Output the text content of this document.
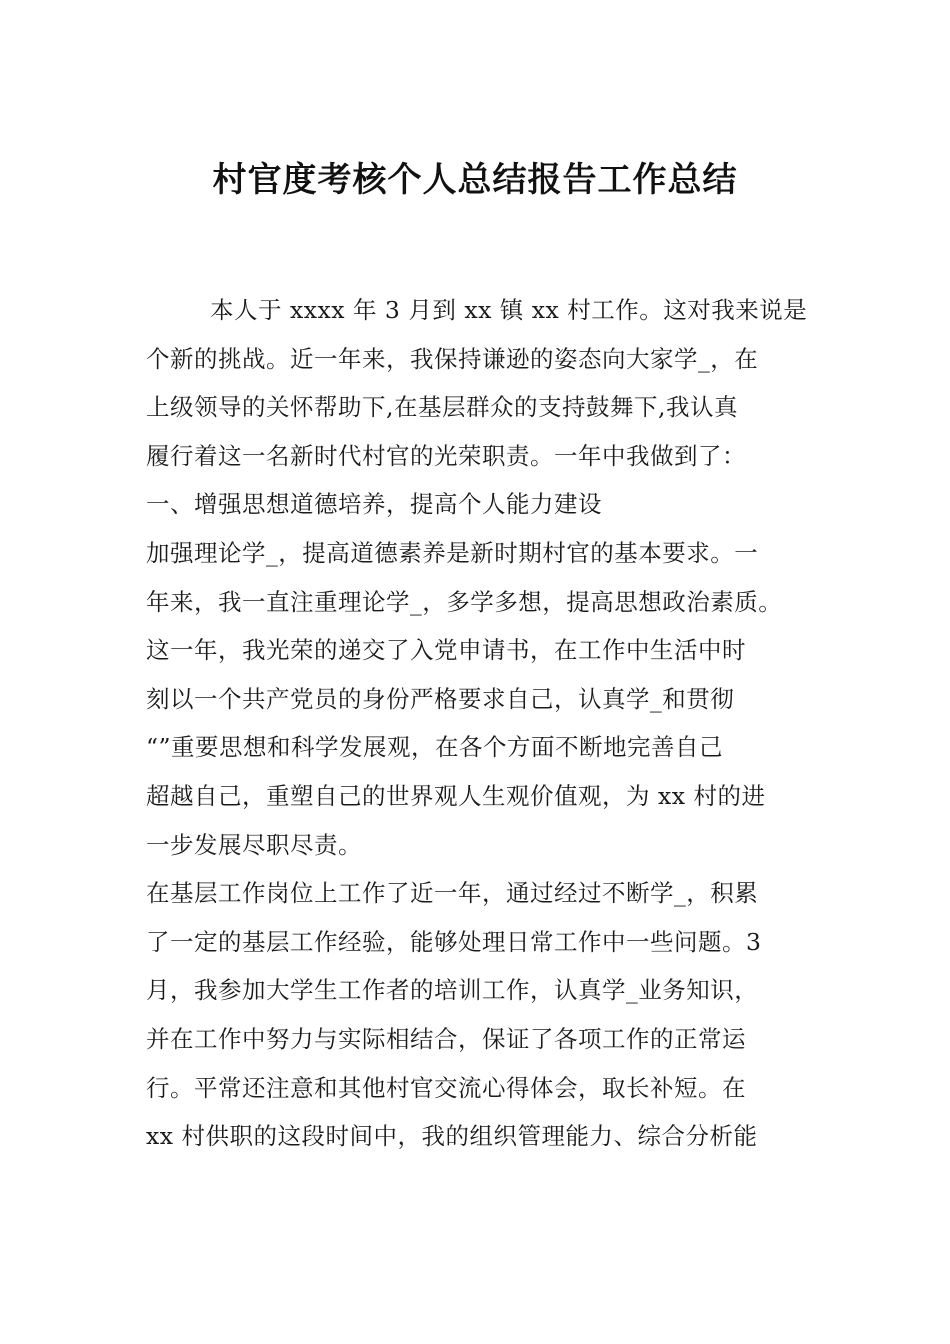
村官度考核个人总结报告工作总结
本人于 xxxx 年 3 月到 xx 镇 xx 村工作。这对我来说是
个新的挑战。近一年来，我保持谦逊的姿态向大家学_，在
上级领导的关怀帮助下,在基层群众的支持鼓舞下,我认真
履行着这一名新时代村官的光荣职责。一年中我做到了：
一、增强思想道德培养，提高个人能力建设
加强理论学_，提高道德素养是新时期村官的基本要求。一
年来，我一直注重理论学_，多学多想，提高思想政治素质。
这一年，我光荣的递交了入党申请书，在工作中生活中时
刻以一个共产党员的身份严格要求自己，认真学_和贯彻
“”重要思想和科学发展观，在各个方面不断地完善自己
超越自己，重塑自己的世界观人生观价值观，为 xx 村的进
一步发展尽职尽责。
在基层工作岗位上工作了近一年，通过经过不断学_，积累
了一定的基层工作经验，能够处理日常工作中一些问题。3
月，我参加大学生工作者的培训工作，认真学_业务知识，
并在工作中努力与实际相结合，保证了各项工作的正常运
行。平常还注意和其他村官交流心得体会，取长补短。在
xx 村供职的这段时间中，我的组织管理能力、综合分析能
